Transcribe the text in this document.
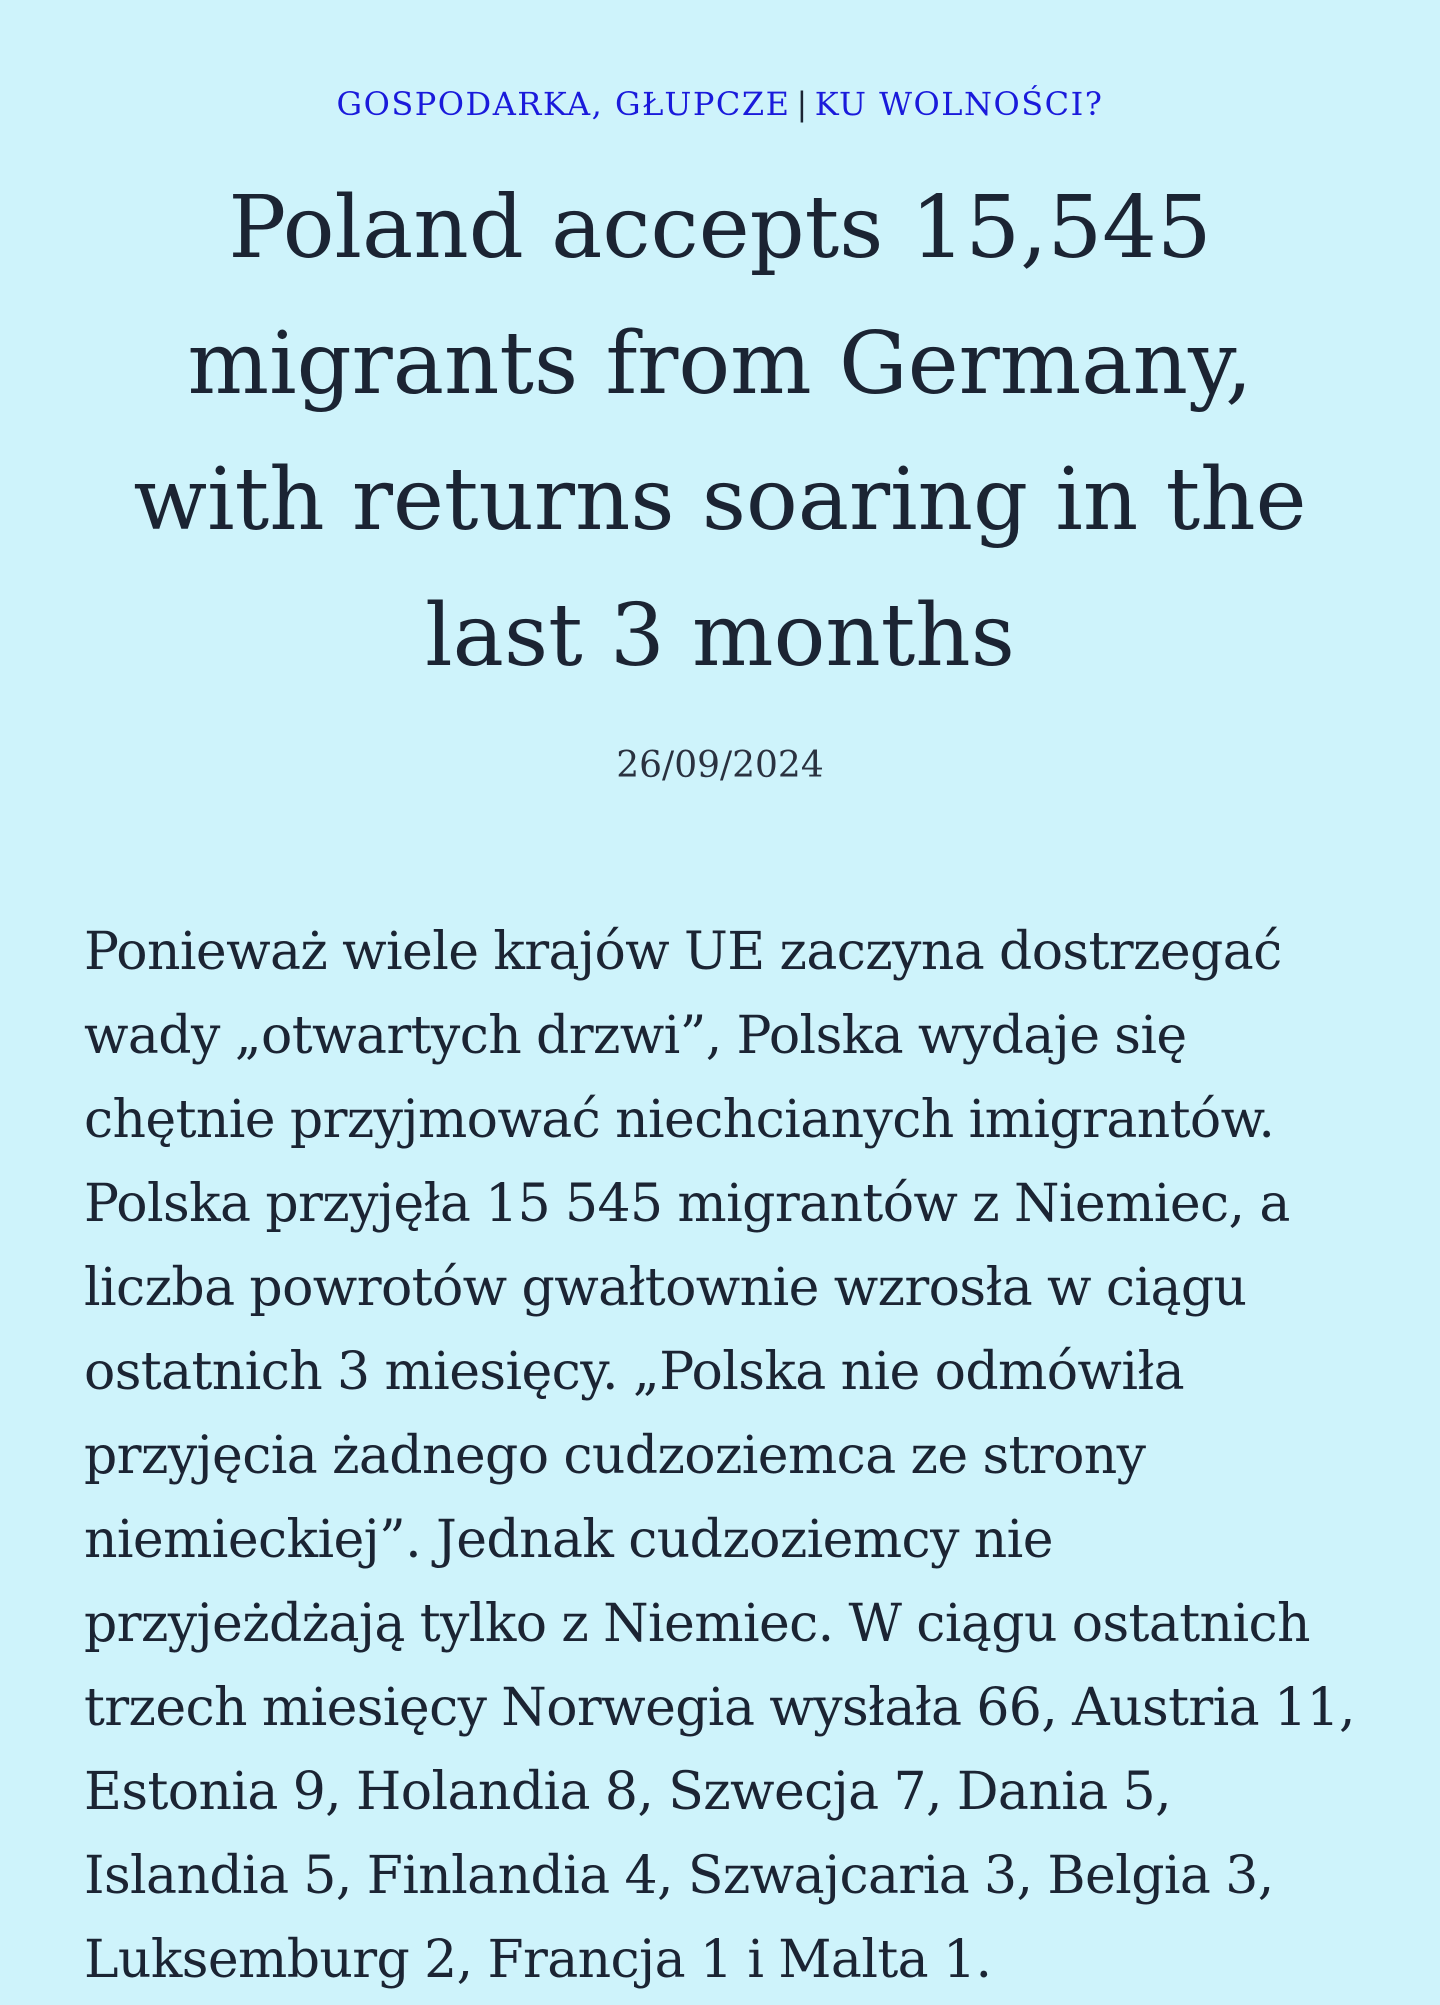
GOSPODARKA, GŁUPCZE | KU WOLNOŚCI?
Poland accepts 15,545 migrants from Germany, with returns soaring in the last 3 months
26/09/2024

Ponieważ wiele krajów UE zaczyna dostrzegać wady „otwartych drzwi”, Polska wydaje się chętnie przyjmować niechcianych imigrantów. Polska przyjęła 15 545 migrantów z Niemiec, a liczba powrotów gwałtownie wzrosła w ciągu ostatnich 3 miesięcy. „Polska nie odmówiła przyjęcia żadnego cudzoziemca ze strony niemieckiej”. Jednak cudzoziemcy nie przyjeżdżają tylko z Niemiec. W ciągu ostatnich trzech miesięcy Norwegia wysłała 66, Austria 11, Estonia 9, Holandia 8, Szwecja 7, Dania 5, Islandia 5, Finlandia 4, Szwajcaria 3, Belgia 3, Luksemburg 2, Francja 1 i Malta 1.
